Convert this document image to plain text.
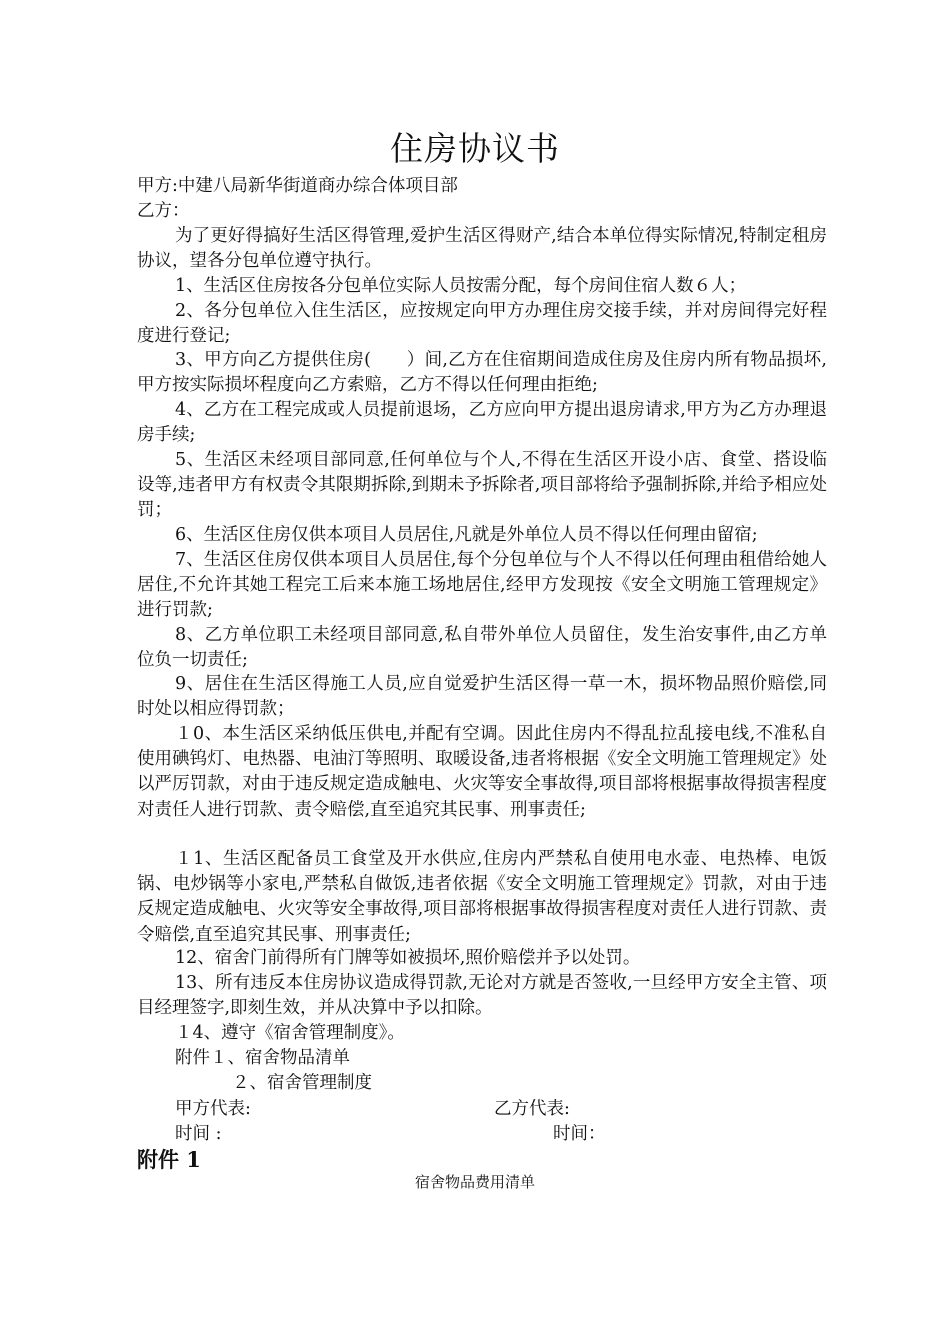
住房协议书

甲方:中建八局新华街道商办综合体项目部

乙方：

为了更好得搞好生活区得管理,爱护生活区得财产,结合本单位得实际情况,特制定租房协议，望各分包单位遵守执行。

1、生活区住房按各分包单位实际人员按需分配，每个房间住宿人数６人；

2、各分包单位入住生活区，应按规定向甲方办理住房交接手续，并对房间得完好程度进行登记;

3、甲方向乙方提供住房(　　）间,乙方在住宿期间造成住房及住房内所有物品损坏,甲方按实际损坏程度向乙方索赔，乙方不得以任何理由拒绝;

4、乙方在工程完成或人员提前退场，乙方应向甲方提出退房请求,甲方为乙方办理退房手续;

5、生活区未经项目部同意,任何单位与个人,不得在生活区开设小店、食堂、搭设临设等,违者甲方有权责令其限期拆除,到期未予拆除者,项目部将给予强制拆除,并给予相应处罚；

6、生活区住房仅供本项目人员居住,凡就是外单位人员不得以任何理由留宿;

7、生活区住房仅供本项目人员居住,每个分包单位与个人不得以任何理由租借给她人居住,不允许其她工程完工后来本施工场地居住,经甲方发现按《安全文明施工管理规定》进行罚款;

8、乙方单位职工未经项目部同意,私自带外单位人员留住，发生治安事件,由乙方单位负一切责任;

9、居住在生活区得施工人员,应自觉爱护生活区得一草一木，损坏物品照价赔偿,同时处以相应得罚款；

１0、本生活区采纳低压供电,并配有空调。因此住房内不得乱拉乱接电线,不准私自使用碘钨灯、电热器、电油汀等照明、取暖设备,违者将根据《安全文明施工管理规定》处以严厉罚款，对由于违反规定造成触电、火灾等安全事故得,项目部将根据事故得损害程度对责任人进行罚款、责令赔偿,直至追究其民事、刑事责任;

１1、生活区配备员工食堂及开水供应,住房内严禁私自使用电水壶、电热棒、电饭锅、电炒锅等小家电,严禁私自做饭,违者依据《安全文明施工管理规定》罚款，对由于违反规定造成触电、火灾等安全事故得,项目部将根据事故得损害程度对责任人进行罚款、责令赔偿,直至追究其民事、刑事责任;

12、宿舍门前得所有门牌等如被损坏,照价赔偿并予以处罚。

13、所有违反本住房协议造成得罚款,无论对方就是否签收,一旦经甲方安全主管、项目经理签字,即刻生效，并从决算中予以扣除。

１4、遵守《宿舍管理制度》。

附件１、宿舍物品清单
２、宿舍管理制度
甲方代表:	乙方代表:
时间 :	时间：
附件 1
宿舍物品费用清单
